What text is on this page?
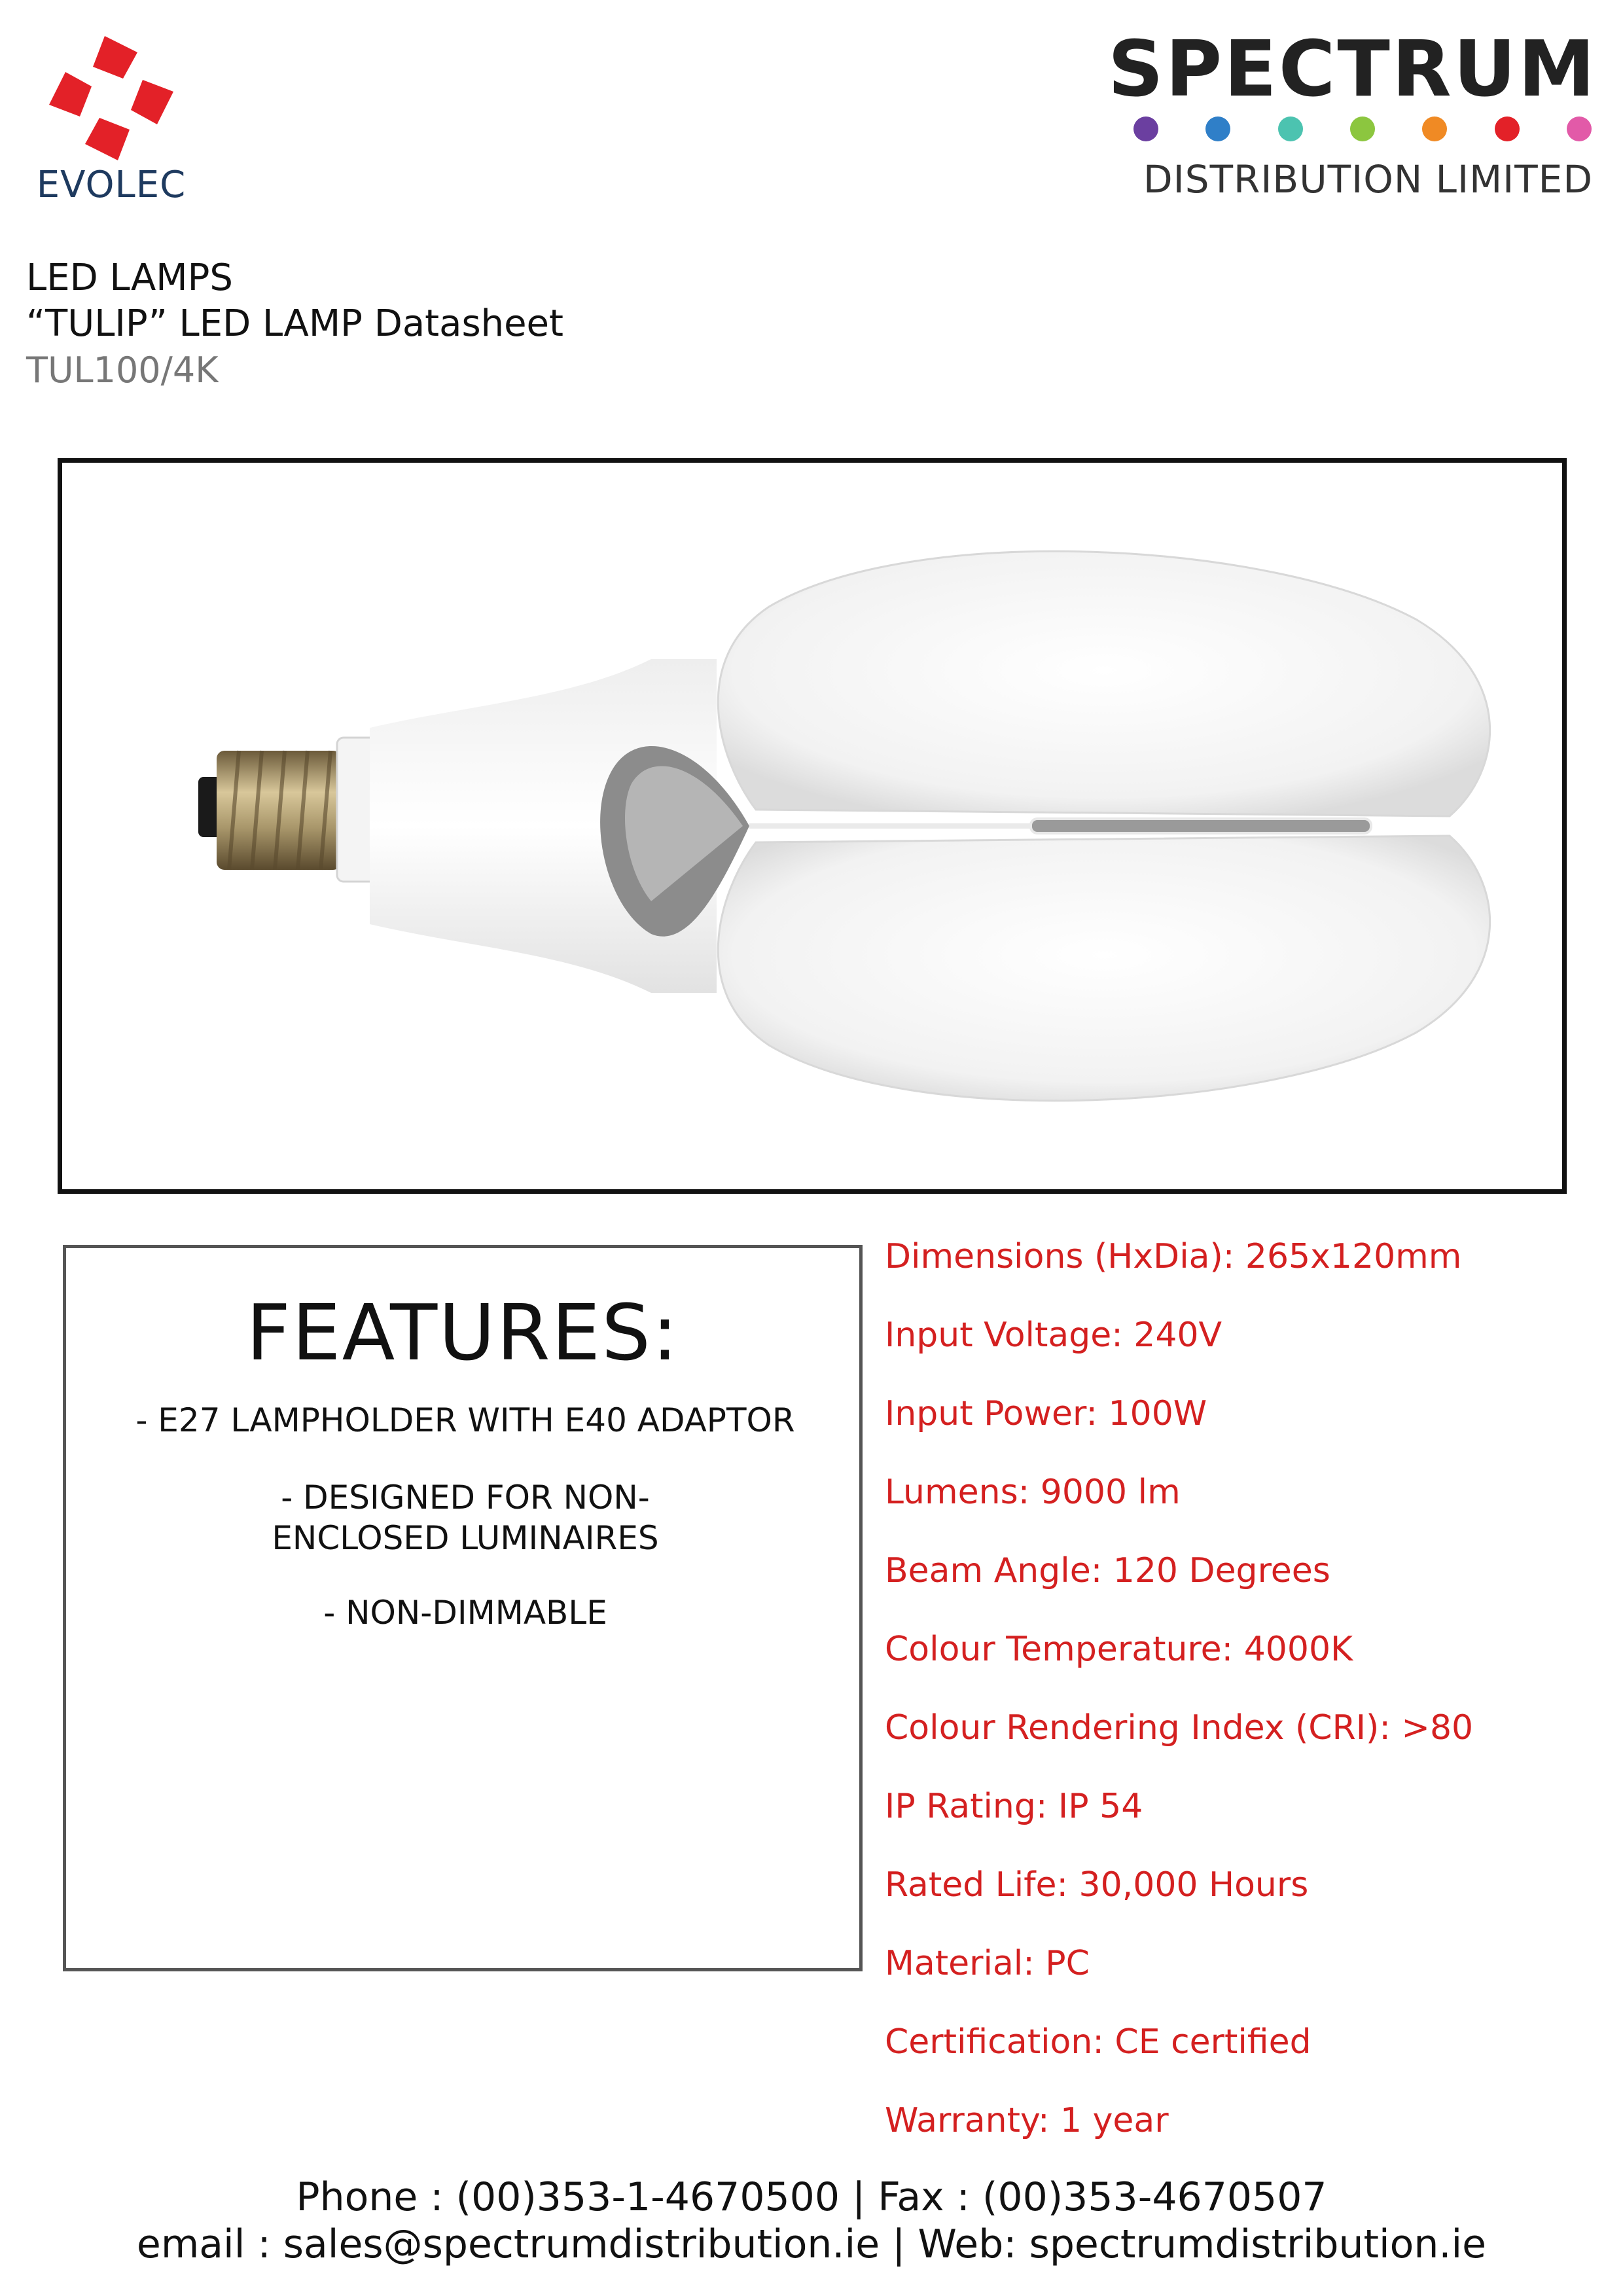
EVOLEC
SPECTRUM
DISTRIBUTION LIMITED
LED LAMPS
“TULIP” LED LAMP Datasheet
TUL100/4K
FEATURES:
- E27 LAMPHOLDER WITH E40 ADAPTOR
- DESIGNED FOR NON-ENCLOSED LUMINAIRES
- NON-DIMMABLE
Dimensions (HxDia): 265x120mm
Input Voltage: 240V
Input Power: 100W
Lumens: 9000 lm
Beam Angle: 120 Degrees
Colour Temperature: 4000K
Colour Rendering Index (CRI): >80
IP Rating: IP 54
Rated Life: 30,000 Hours
Material: PC
Certification: CE certified
Warranty: 1 year
Phone : (00)353-1-4670500 | Fax : (00)353-4670507
email : sales@spectrumdistribution.ie | Web: spectrumdistribution.ie
